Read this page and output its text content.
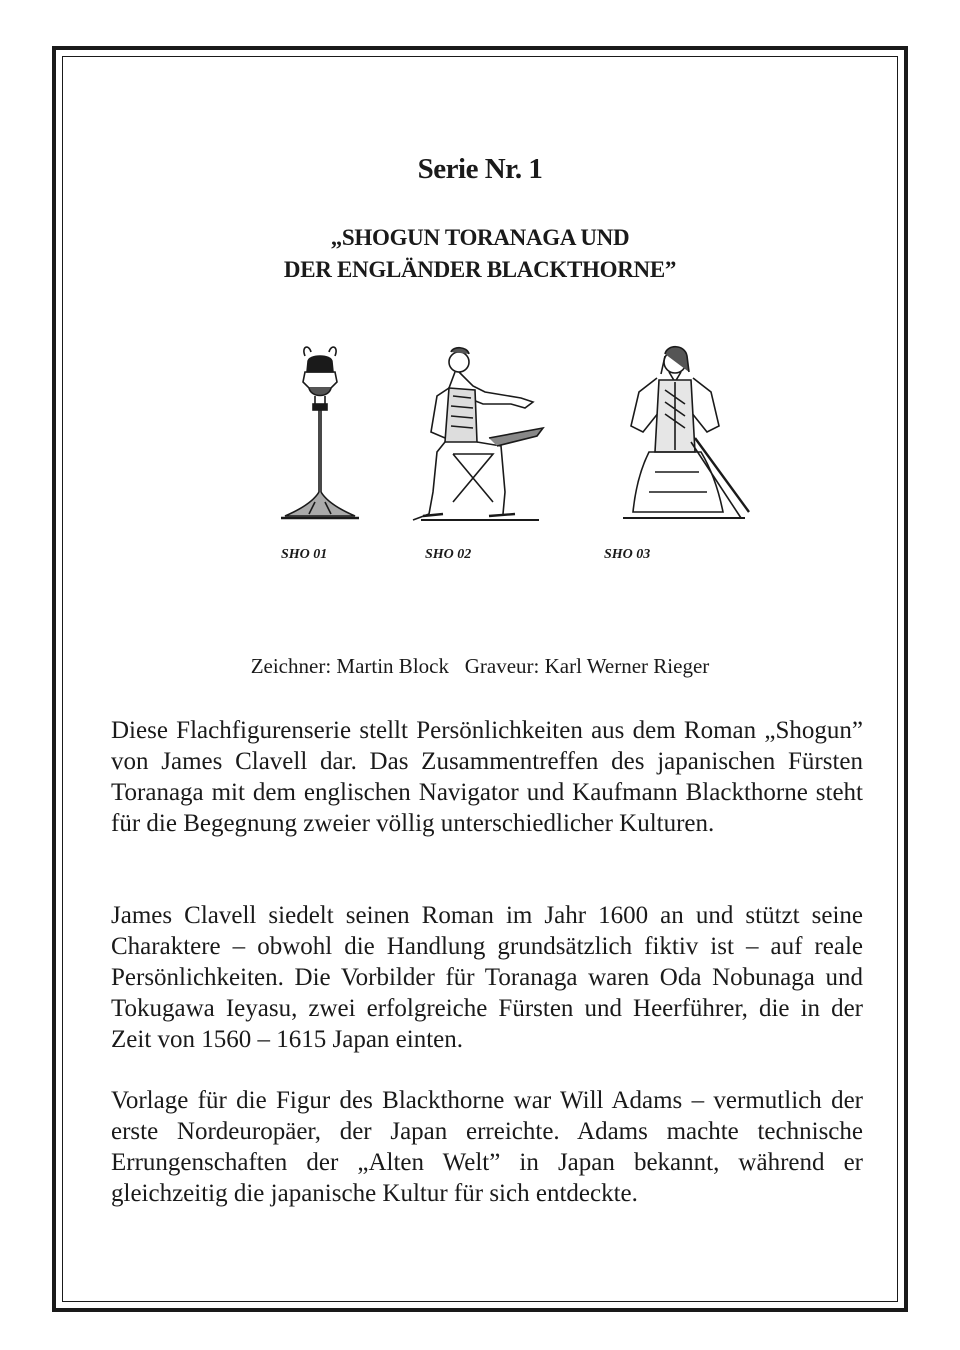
Serie Nr. 1
„SHOGUN TORANAGA UND
DER ENGLÄNDER BLACKTHORNE”
SHO 01	SHO 02	SHO 03
Zeichner: Martin Block   Graveur: Karl Werner Rieger

Diese Flachfigurenserie stellt Persönlichkeiten aus dem Roman „Shogun” von James Clavell dar. Das Zusammentreffen des japanischen Fürsten Toranaga mit dem englischen Navigator und Kaufmann Blackthorne steht für die Begegnung zweier völlig unterschiedlicher Kulturen.

James Clavell siedelt seinen Roman im Jahr 1600 an und stützt seine Charaktere – obwohl die Handlung grundsätzlich fiktiv ist – auf reale Persönlichkeiten. Die Vorbilder für Toranaga waren Oda Nobunaga und Tokugawa Ieyasu, zwei erfolgreiche Fürsten und Heerführer, die in der Zeit von 1560 – 1615 Japan einten.

Vorlage für die Figur des Blackthorne war Will Adams – vermutlich der erste Nordeuropäer, der Japan erreichte. Adams machte technische Errungenschaften der „Alten Welt” in Japan bekannt, während er gleichzeitig die japanische Kultur für sich entdeckte.
